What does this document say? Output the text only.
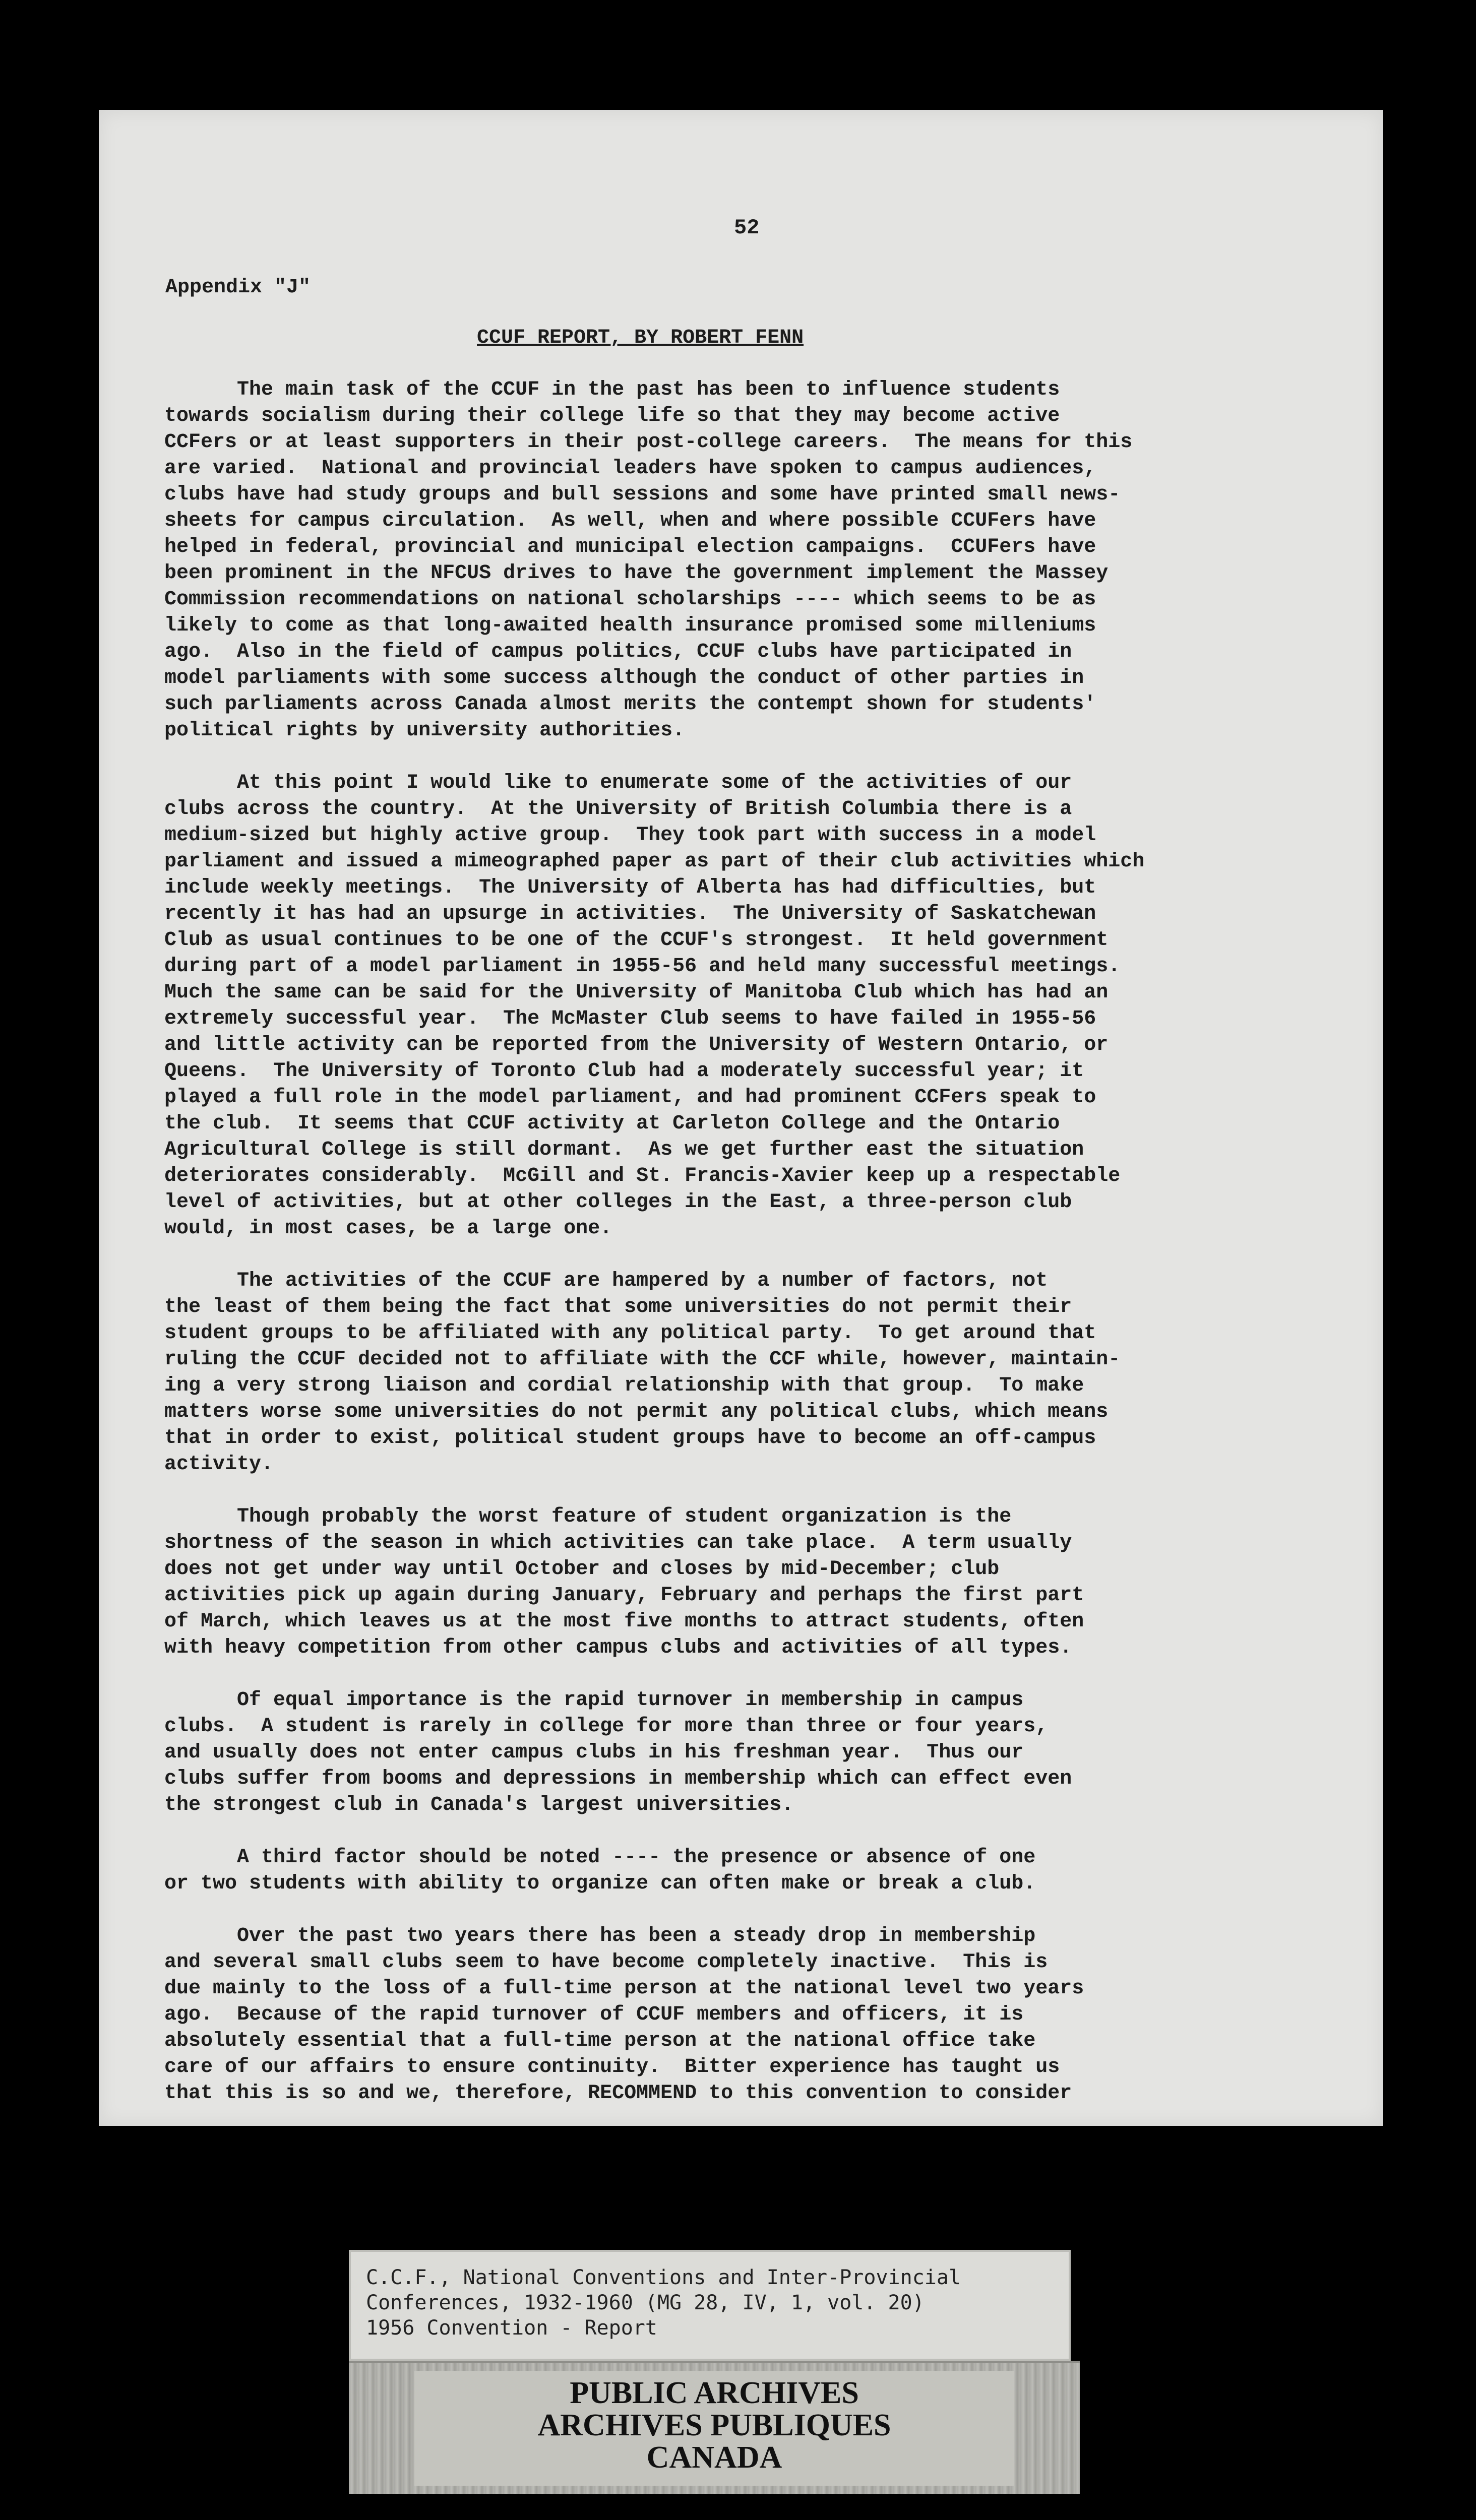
52
Appendix "J"
CCUF REPORT, BY ROBERT FENN
The main task of the CCUF in the past has been to influence students
towards socialism during their college life so that they may become active
CCFers or at least supporters in their post-college careers.  The means for this
are varied.  National and provincial leaders have spoken to campus audiences,
clubs have had study groups and bull sessions and some have printed small news-
sheets for campus circulation.  As well, when and where possible CCUFers have
helped in federal, provincial and municipal election campaigns.  CCUFers have
been prominent in the NFCUS drives to have the government implement the Massey
Commission recommendations on national scholarships ---- which seems to be as
likely to come as that long-awaited health insurance promised some milleniums
ago.  Also in the field of campus politics, CCUF clubs have participated in
model parliaments with some success although the conduct of other parties in
such parliaments across Canada almost merits the contempt shown for students'
political rights by university authorities.
At this point I would like to enumerate some of the activities of our
clubs across the country.  At the University of British Columbia there is a
medium-sized but highly active group.  They took part with success in a model
parliament and issued a mimeographed paper as part of their club activities which
include weekly meetings.  The University of Alberta has had difficulties, but
recently it has had an upsurge in activities.  The University of Saskatchewan
Club as usual continues to be one of the CCUF's strongest.  It held government
during part of a model parliament in 1955-56 and held many successful meetings.
Much the same can be said for the University of Manitoba Club which has had an
extremely successful year.  The McMaster Club seems to have failed in 1955-56
and little activity can be reported from the University of Western Ontario, or
Queens.  The University of Toronto Club had a moderately successful year; it
played a full role in the model parliament, and had prominent CCFers speak to
the club.  It seems that CCUF activity at Carleton College and the Ontario
Agricultural College is still dormant.  As we get further east the situation
deteriorates considerably.  McGill and St. Francis-Xavier keep up a respectable
level of activities, but at other colleges in the East, a three-person club
would, in most cases, be a large one.
The activities of the CCUF are hampered by a number of factors, not
the least of them being the fact that some universities do not permit their
student groups to be affiliated with any political party.  To get around that
ruling the CCUF decided not to affiliate with the CCF while, however, maintain-
ing a very strong liaison and cordial relationship with that group.  To make
matters worse some universities do not permit any political clubs, which means
that in order to exist, political student groups have to become an off-campus
activity.
Though probably the worst feature of student organization is the
shortness of the season in which activities can take place.  A term usually
does not get under way until October and closes by mid-December; club
activities pick up again during January, February and perhaps the first part
of March, which leaves us at the most five months to attract students, often
with heavy competition from other campus clubs and activities of all types.
Of equal importance is the rapid turnover in membership in campus
clubs.  A student is rarely in college for more than three or four years,
and usually does not enter campus clubs in his freshman year.  Thus our
clubs suffer from booms and depressions in membership which can effect even
the strongest club in Canada's largest universities.
A third factor should be noted ---- the presence or absence of one
or two students with ability to organize can often make or break a club.
Over the past two years there has been a steady drop in membership
and several small clubs seem to have become completely inactive.  This is
due mainly to the loss of a full-time person at the national level two years
ago.  Because of the rapid turnover of CCUF members and officers, it is
absolutely essential that a full-time person at the national office take
care of our affairs to ensure continuity.  Bitter experience has taught us
that this is so and we, therefore, RECOMMEND to this convention to consider
C.C.F., National Conventions and Inter-Provincial
Conferences, 1932-1960 (MG 28, IV, 1, vol. 20)
1956 Convention - Report
PUBLIC ARCHIVES
ARCHIVES PUBLIQUES
CANADA
